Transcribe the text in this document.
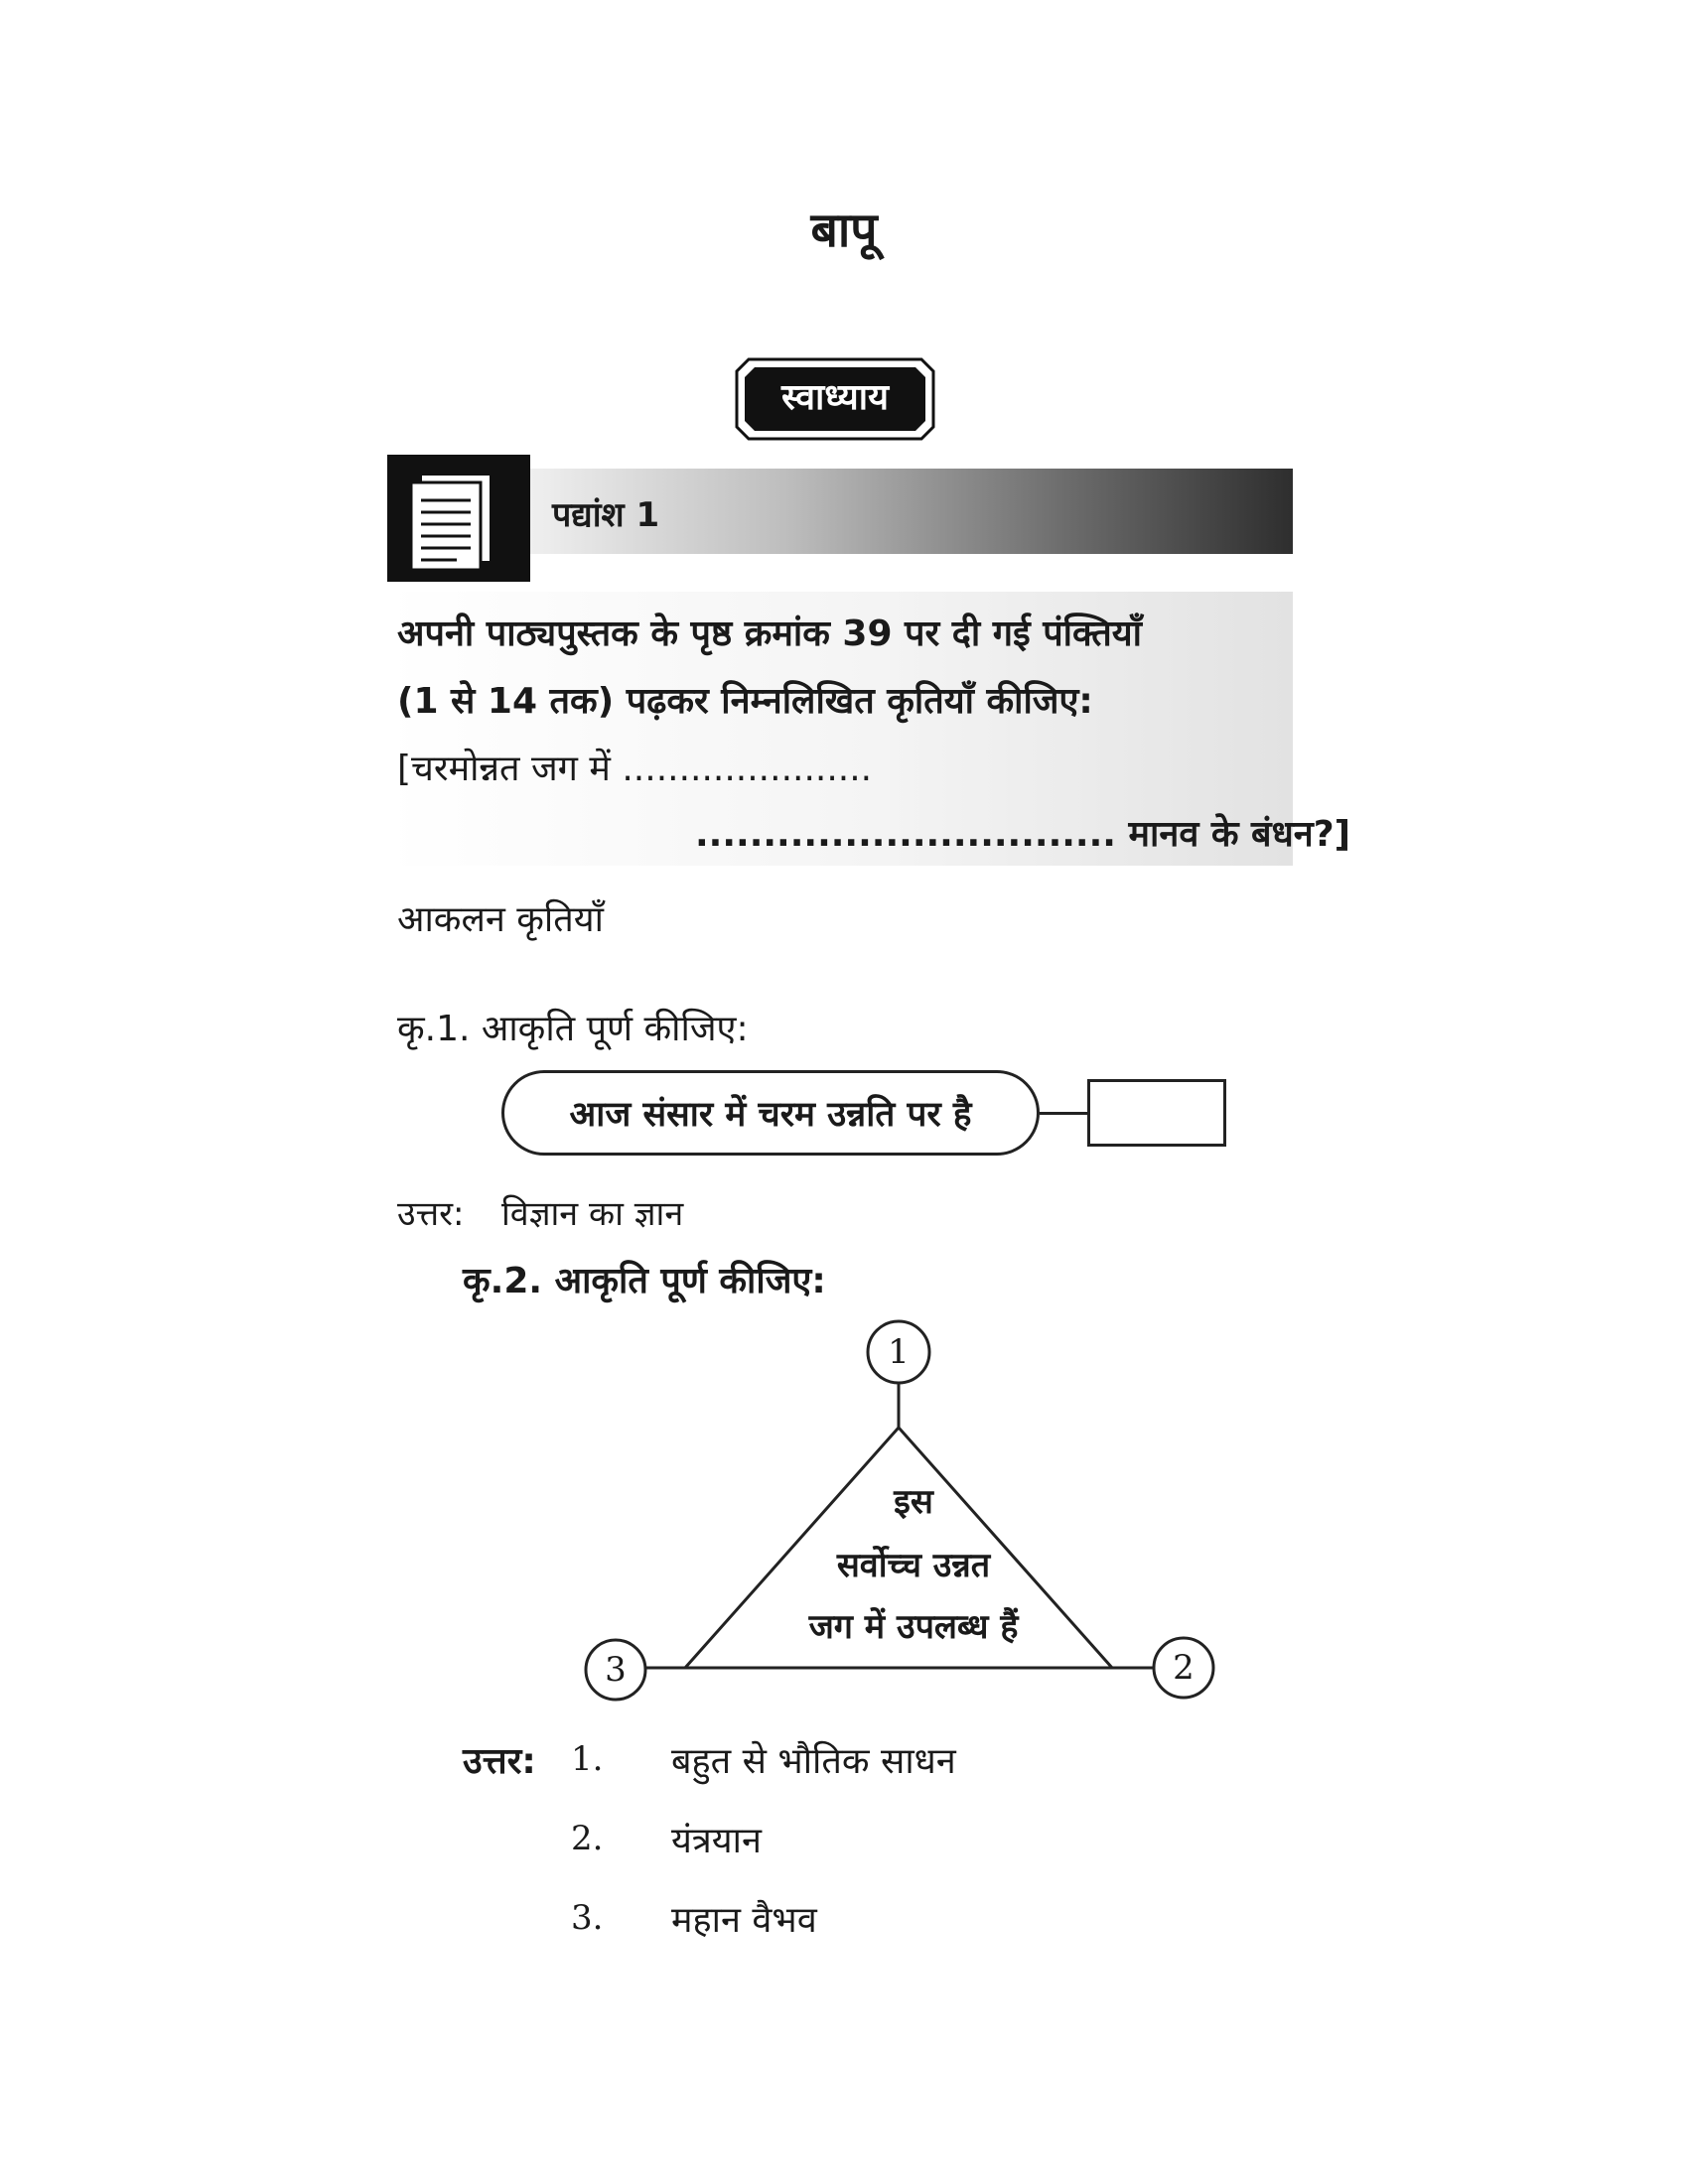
बापू
स्वाध्याय
पद्यांश 1
अपनी पाठ्यपुस्तक के पृष्ठ क्रमांक 39 पर दी गई पंक्तियाँ
(1 से 14 तक) पढ़कर निम्नलिखित कृतियाँ कीजिए:
[चरमोन्नत जग में ......................
............................... मानव के बंधन?]
आकलन कृतियाँ
कृ.1. आकृति पूर्ण कीजिए:
आज संसार में चरम उन्नति पर है
उत्तर: विज्ञान का ज्ञान
कृ.2. आकृति पूर्ण कीजिए:
1
2
3
इस
सर्वोच्च उन्नत
जग में उपलब्ध हैं
उत्तर: 1. बहुत से भौतिक साधन
2. यंत्रयान
3. महान वैभव
